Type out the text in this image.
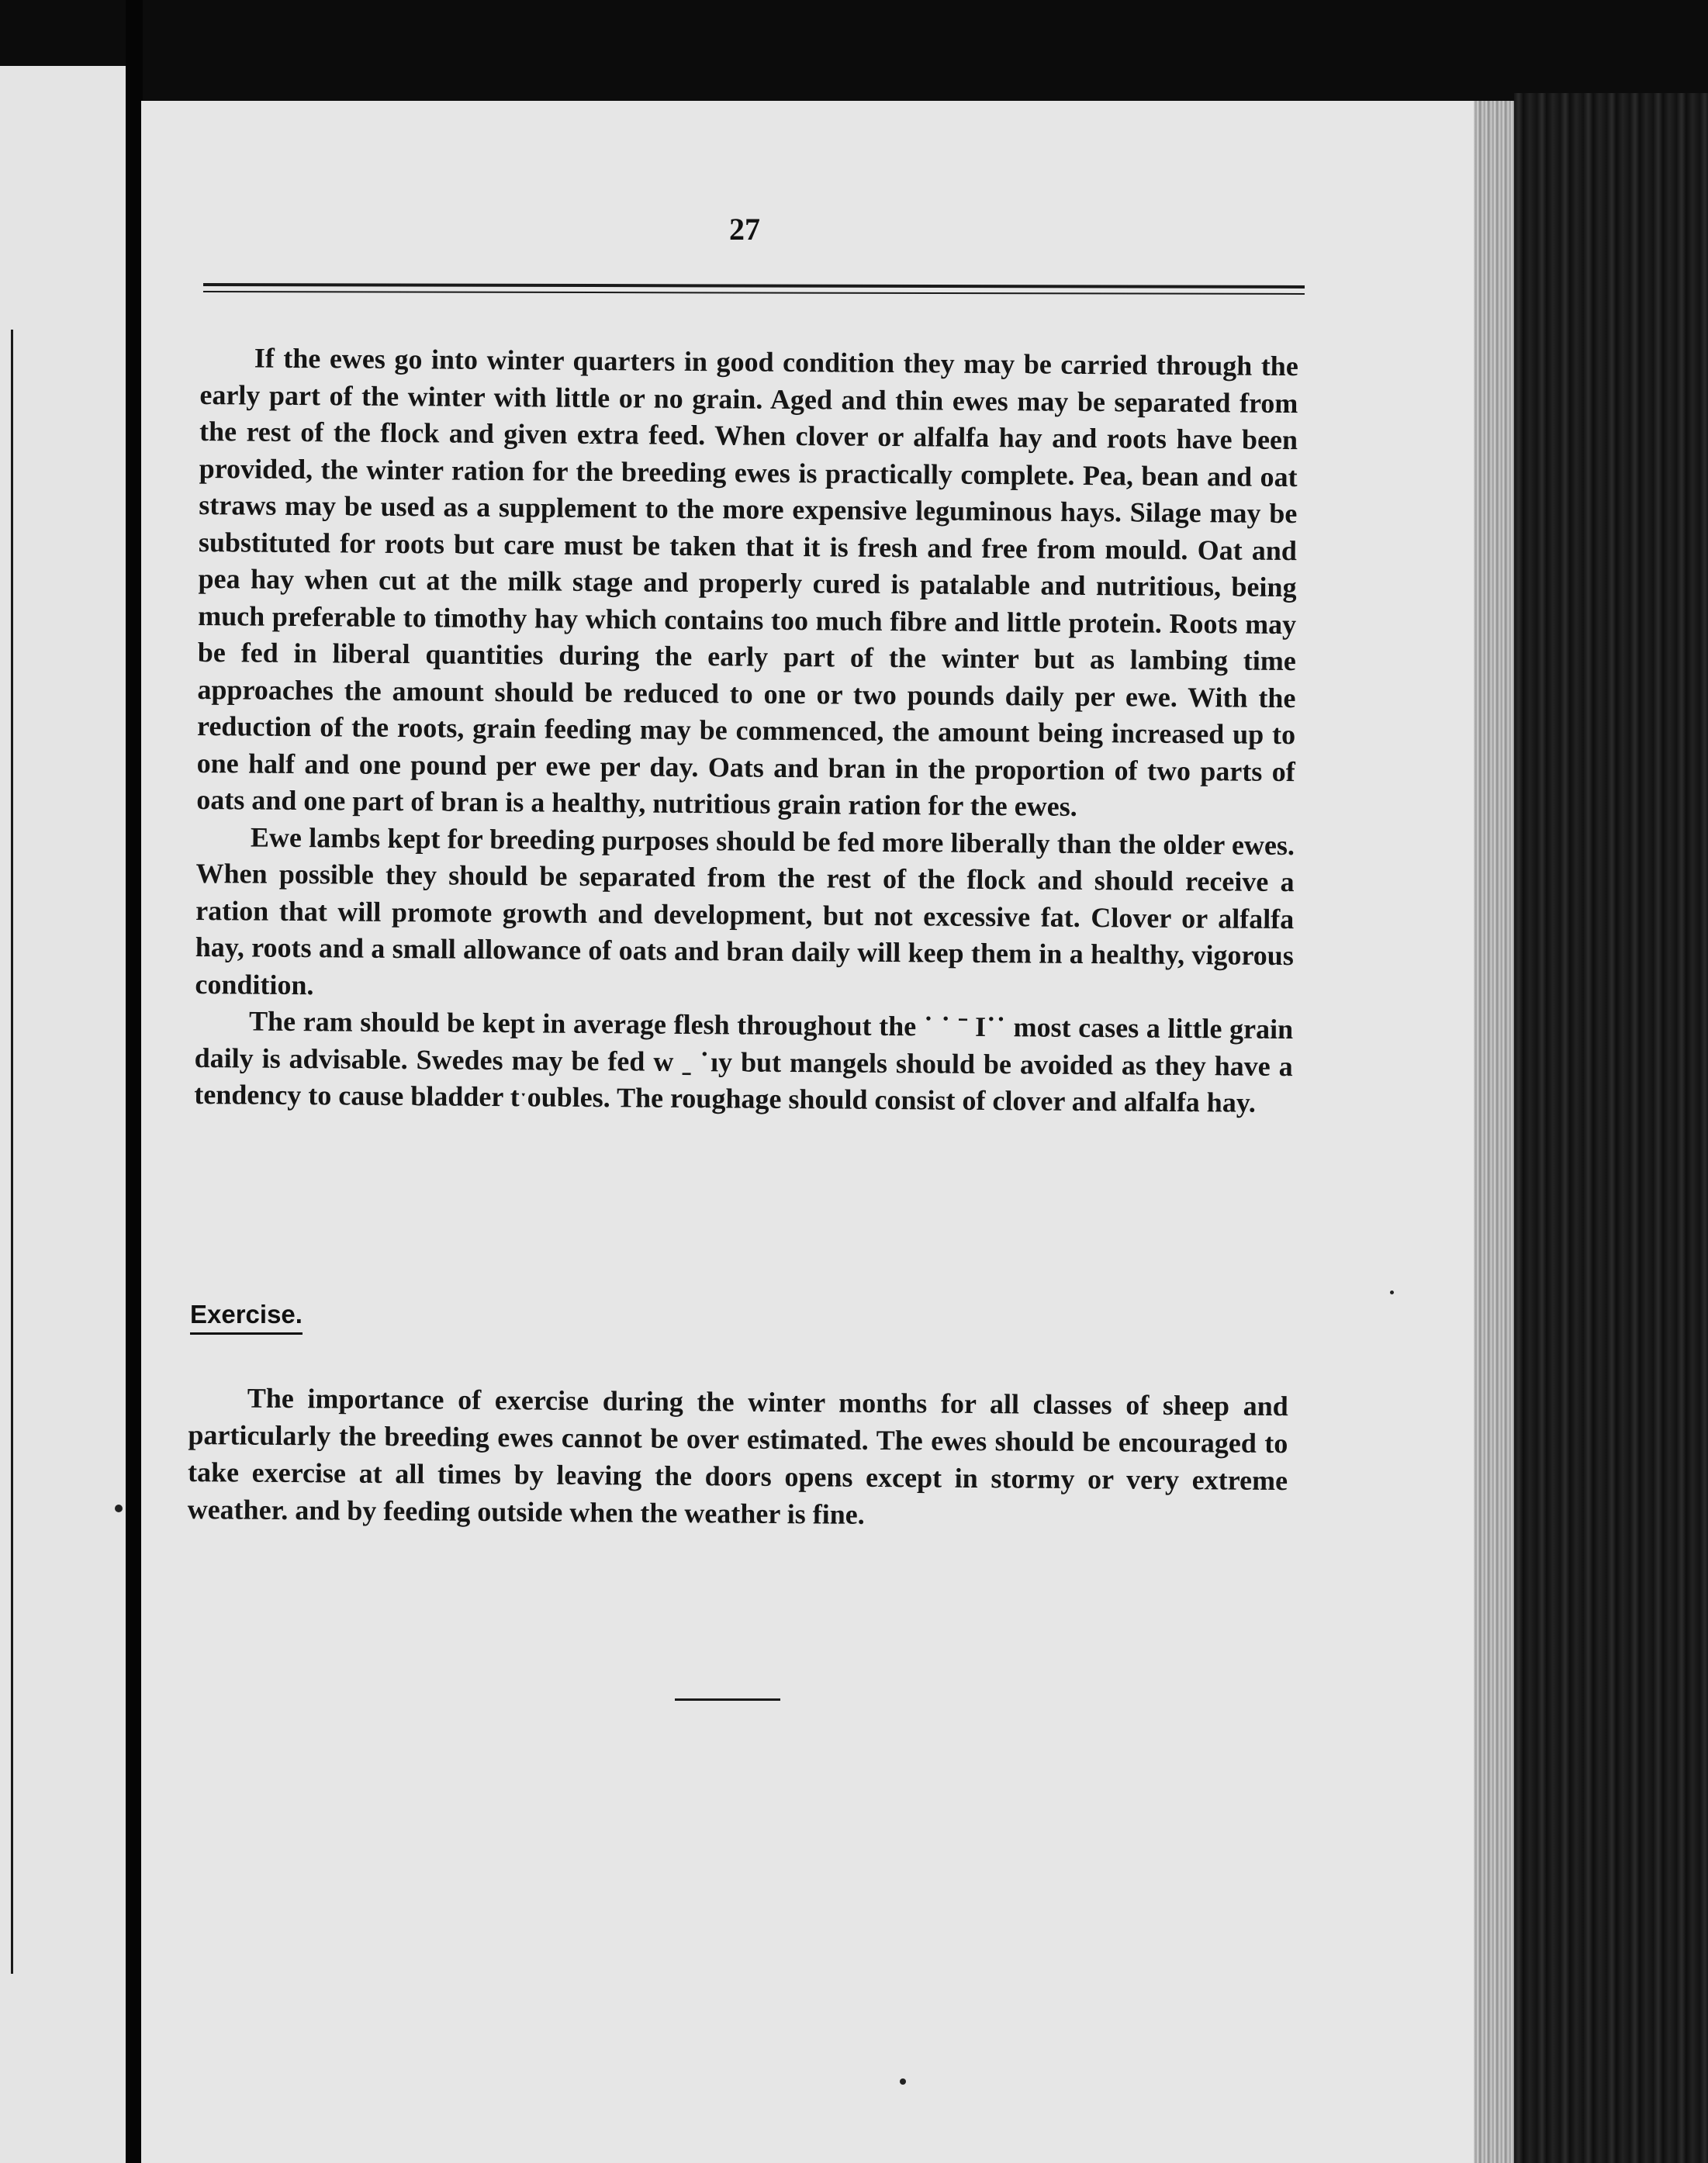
27

If the ewes go into winter quarters in good condition they may be carried through the early part of the winter with little or no grain. Aged and thin ewes may be separated from the rest of the flock and given extra feed. When clover or alfalfa hay and roots have been provided, the winter ration for the breeding ewes is practically complete. Pea, bean and oat straws may be used as a supplement to the more expensive leguminous hays. Silage may be substituted for roots but care must be taken that it is fresh and free from mould. Oat and pea hay when cut at the milk stage and properly cured is patalable and nutritious, being much preferable to timothy hay which contains too much fibre and little protein. Roots may be fed in liberal quantities during the early part of the winter but as lambing time approaches the amount should be reduced to one or two pounds daily per ewe. With the reduction of the roots, grain feeding may be commenced, the amount being increased up to one half and one pound per ewe per day. Oats and bran in the proportion of two parts of oats and one part of bran is a healthy, nutritious grain ration for the ewes.

Ewe lambs kept for breeding purposes should be fed more liberally than the older ewes. When possible they should be separated from the rest of the flock and should receive a ration that will promote growth and development, but not excessive fat. Clover or alfalfa hay, roots and a small allowance of oats and bran daily will keep them in a healthy, vigorous condition.

The ram should be kept in average flesh throughout the ˙ ˙ ˉ I˙˙ most cases a little grain daily is advisable. Swedes may be fed w ˍ ˙ıy but mangels should be avoided as they have a tendency to cause bladder tˑoubles. The roughage should consist of clover and alfalfa hay.

Exercise.

The importance of exercise during the winter months for all classes of sheep and particularly the breeding ewes cannot be over estimated. The ewes should be encouraged to take exercise at all times by leaving the doors opens except in stormy or very extreme weather. and by feeding outside when the weather is fine.
